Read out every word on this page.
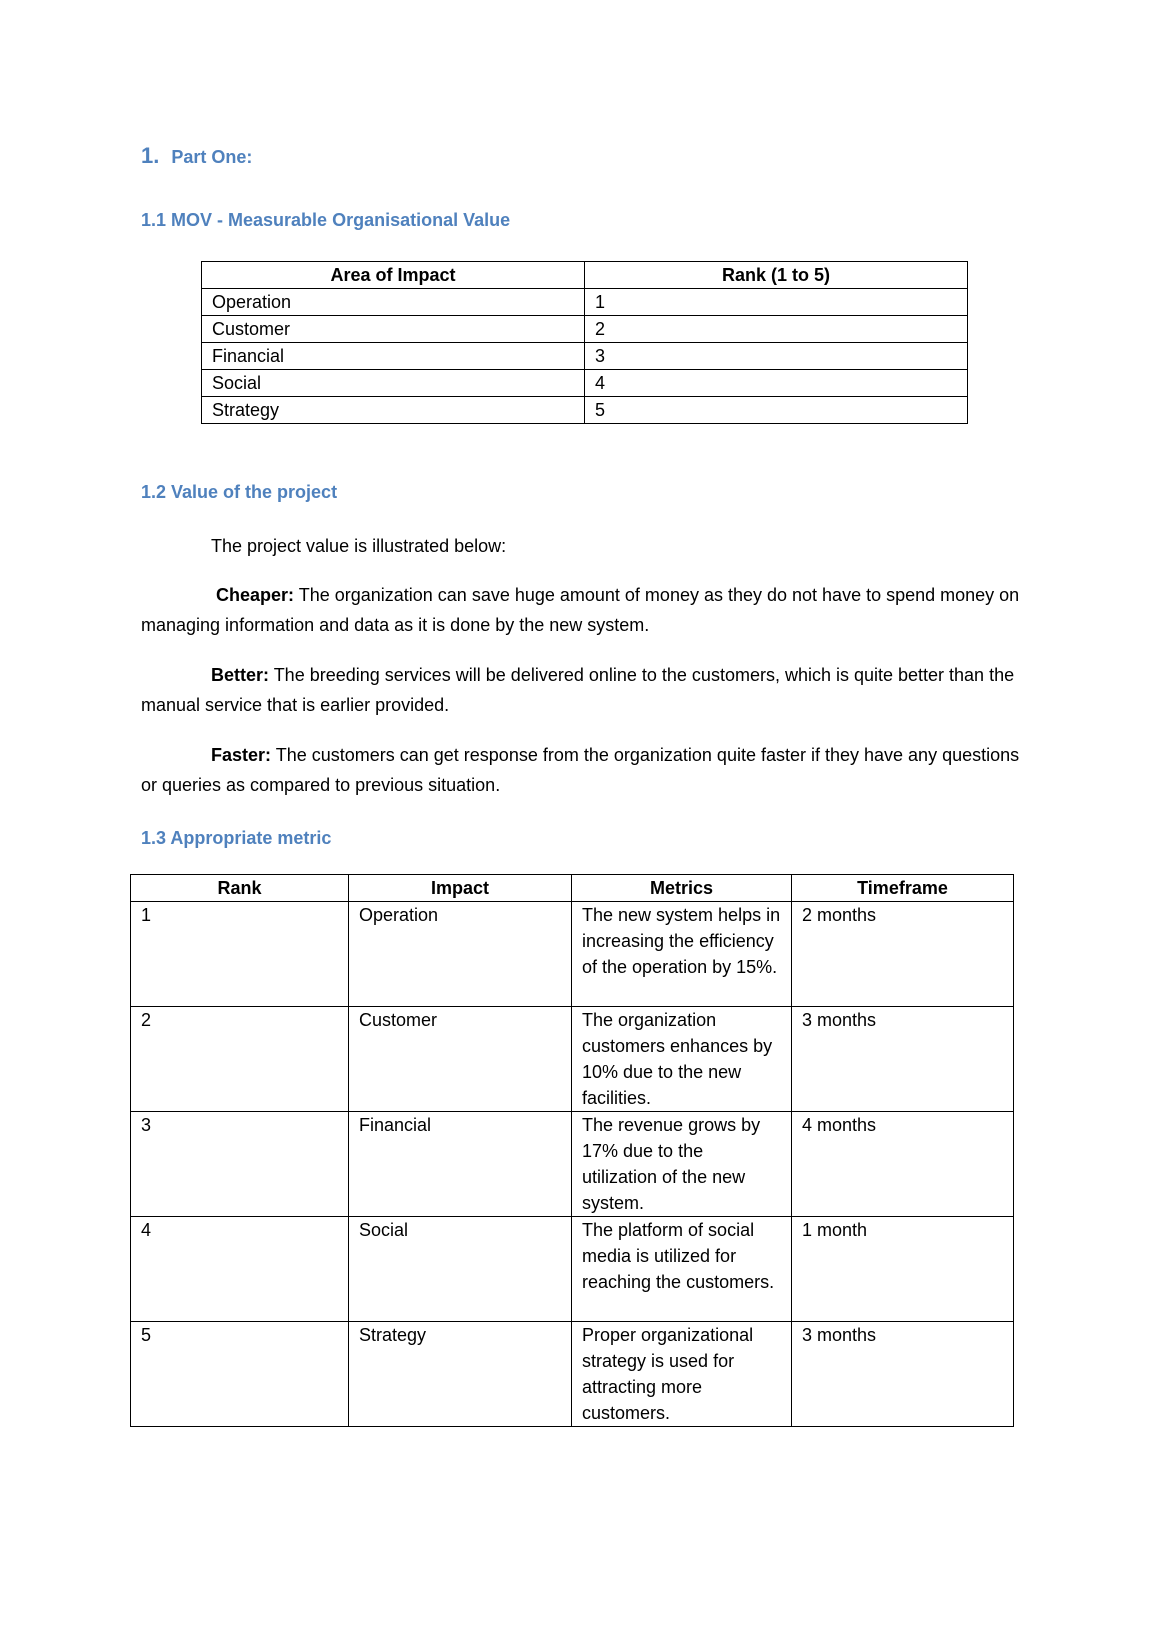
1. Part One:
1.1 MOV - Measurable Organisational Value
Area of Impact	Rank (1 to 5)
Operation	1
Customer	2
Financial	3
Social	4
Strategy	5
1.2 Value of the project
The project value is illustrated below:
Cheaper: The organization can save huge amount of money as they do not have to spend money on managing information and data as it is done by the new system.
Better: The breeding services will be delivered online to the customers, which is quite better than the manual service that is earlier provided.
Faster: The customers can get response from the organization quite faster if they have any questions or queries as compared to previous situation.
1.3 Appropriate metric
Rank	Impact	Metrics	Timeframe
1	Operation	The new system helps in increasing the efficiency of the operation by 15%.	2 months
2	Customer	The organization customers enhances by 10% due to the new facilities.	3 months
3	Financial	The revenue grows by 17% due to the utilization of the new system.	4 months
4	Social	The platform of social media is utilized for reaching the customers.	1 month
5	Strategy	Proper organizational strategy is used for attracting more customers.	3 months
